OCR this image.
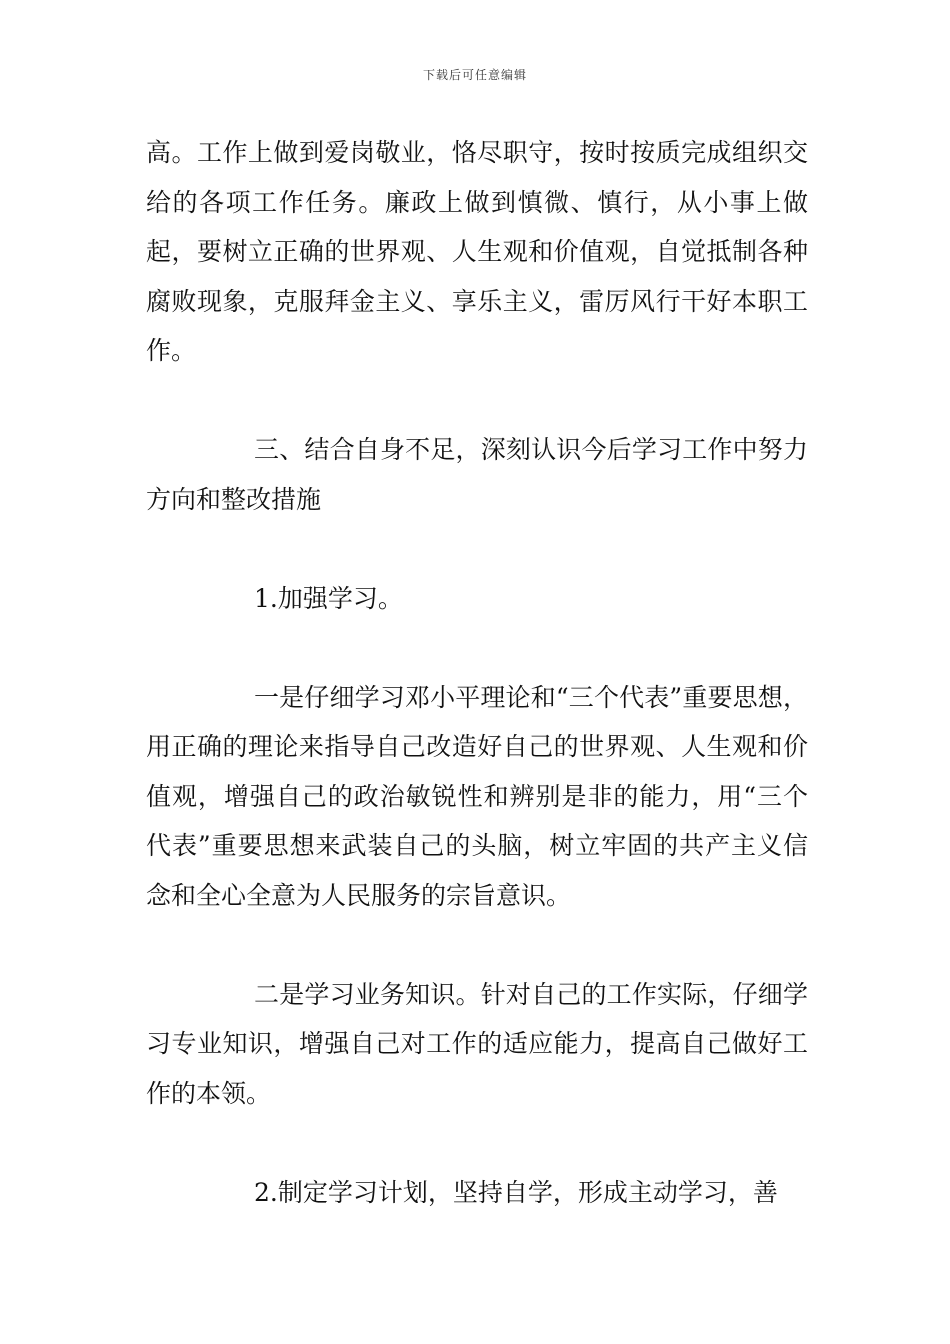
下载后可任意编辑

高。工作上做到爱岗敬业，恪尽职守，按时按质完成组织交给的各项工作任务。廉政上做到慎微、慎行，从小事上做起，要树立正确的世界观、人生观和价值观，自觉抵制各种腐败现象，克服拜金主义、享乐主义，雷厉风行干好本职工作。

三、结合自身不足，深刻认识今后学习工作中努力方向和整改措施

1.加强学习。

一是仔细学习邓小平理论和“三个代表”重要思想，用正确的理论来指导自己改造好自己的世界观、人生观和价值观，增强自己的政治敏锐性和辨别是非的能力，用“三个代表”重要思想来武装自己的头脑，树立牢固的共产主义信念和全心全意为人民服务的宗旨意识。

二是学习业务知识。针对自己的工作实际，仔细学习专业知识，增强自己对工作的适应能力，提高自己做好工作的本领。

2.制定学习计划，坚持自学，形成主动学习，善
